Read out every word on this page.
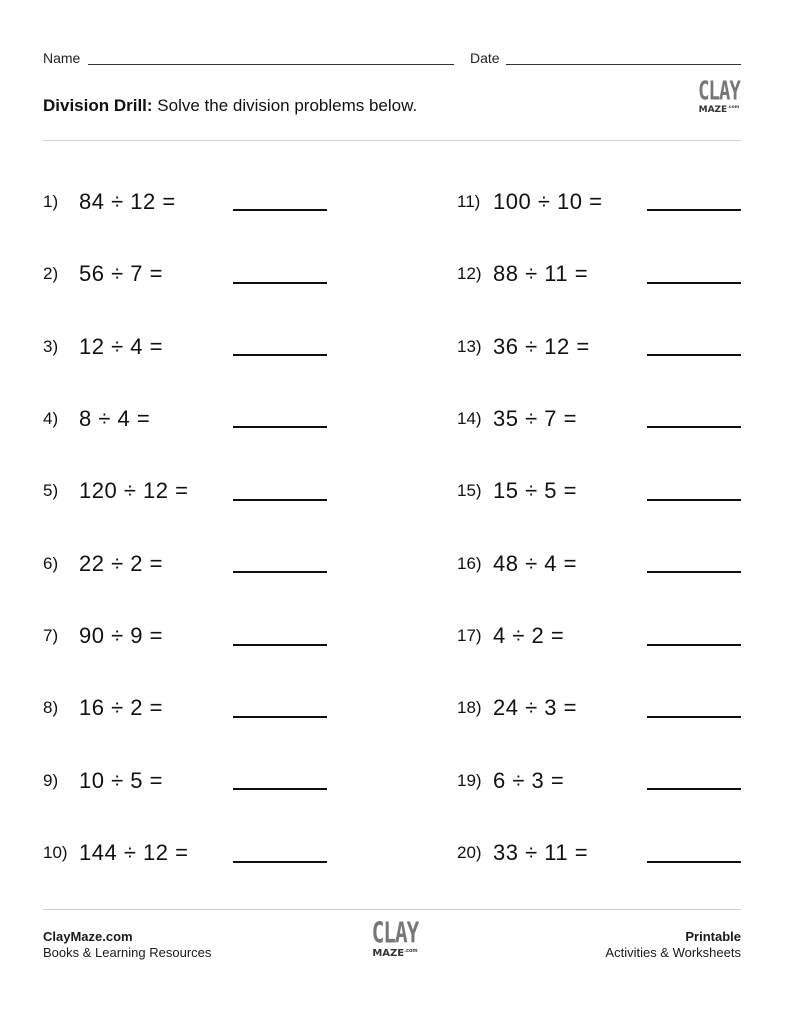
Name	Date
Division Drill: Solve the division problems below.	CLAY
$MAZE^{.com}$
1) 84 ÷ 12 =
2) 56 ÷ 7 =
3) 12 ÷ 4 =
4) 8 ÷ 4 =
5) 120 ÷ 12 =
6) 22 ÷ 2 =
7) 90 ÷ 9 =
8) 16 ÷ 2 =
9) 10 ÷ 5 =
10) 144 ÷ 12 =
11) 100 ÷ 10 =
12) 88 ÷ 11 =
13) 36 ÷ 12 =
14) 35 ÷ 7 =
15) 15 ÷ 5 =
16) 48 ÷ 4 =
17) 4 ÷ 2 =
18) 24 ÷ 3 =
19) 6 ÷ 3 =
20) 33 ÷ 11 =
ClayMaze.com
Books & Learning Resources
CLAY
$MAZE^{.com}$
Printable
Activities & Worksheets
